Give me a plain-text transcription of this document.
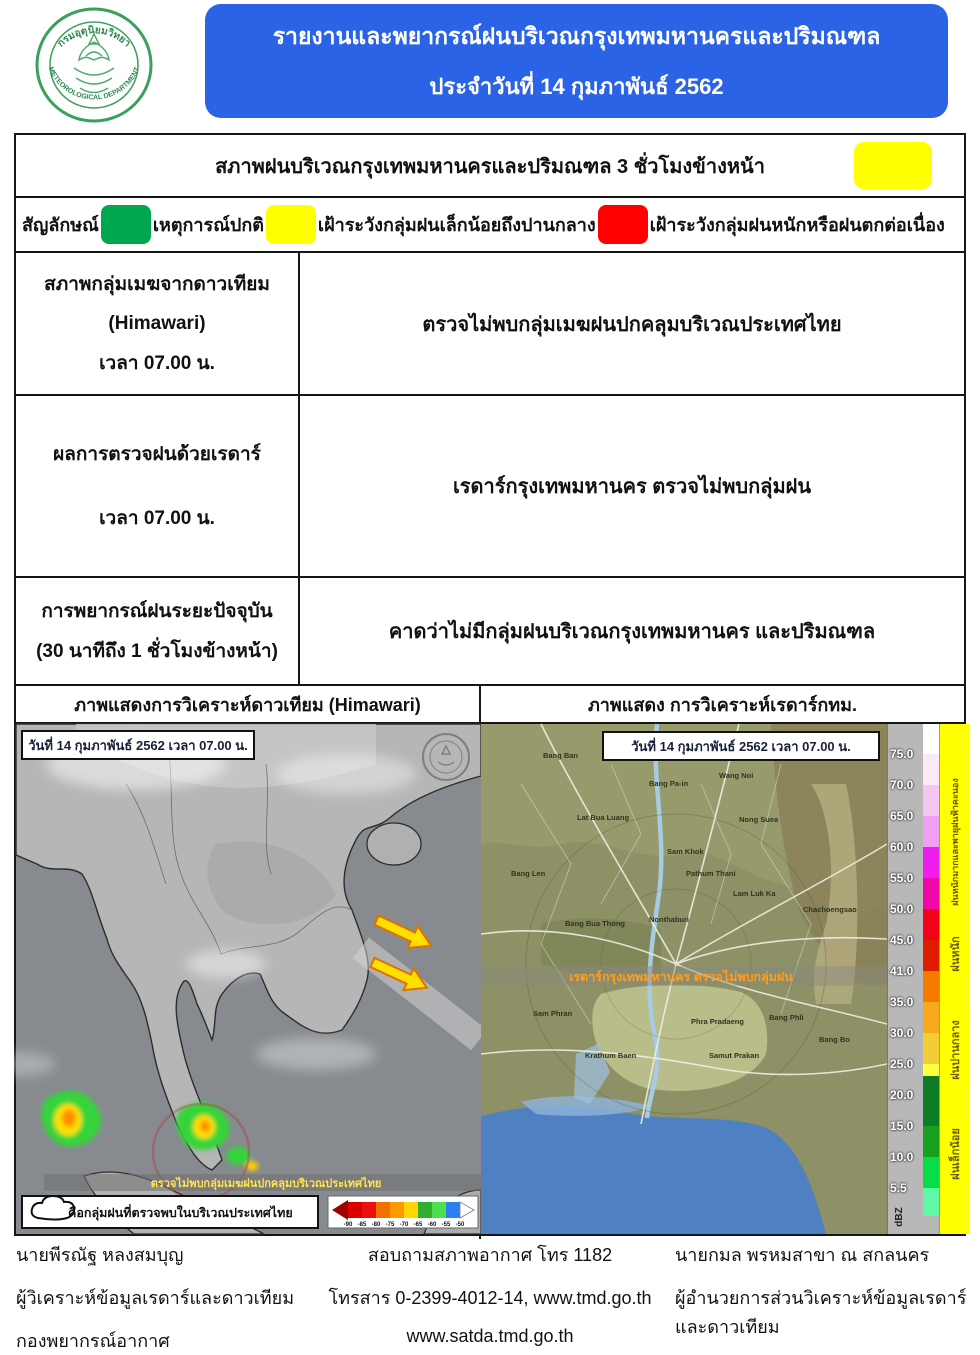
กรมอุตุนิยมวิทยา
METEOROLOGICAL DEPARTMENT
รายงานและพยากรณ์ฝนบริเวณกรุงเทพมหานครและปริมณฑล
ประจำวันที่ 14 กุมภาพันธ์ 2562
สภาพฝนบริเวณกรุงเทพมหานครและปริมณฑล 3 ชั่วโมงข้างหน้า
สัญลักษณ์	เหตุการณ์ปกติ	เฝ้าระวังกลุ่มฝนเล็กน้อยถึงปานกลาง	เฝ้าระวังกลุ่มฝนหนักหรือฝนตกต่อเนื่อง
สภาพกลุ่มเมฆจากดาวเทียม
(Himawari)
เวลา 07.00 น.
ตรวจไม่พบกลุ่มเมฆฝนปกคลุมบริเวณประเทศไทย
ผลการตรวจฝนด้วยเรดาร์
เวลา 07.00 น.
เรดาร์กรุงเทพมหานคร ตรวจไม่พบกลุ่มฝน
การพยากรณ์ฝนระยะปัจจุบัน
(30 นาทีถึง 1 ชั่วโมงข้างหน้า)
คาดว่าไม่มีกลุ่มฝนบริเวณกรุงเทพมหานคร และปริมณฑล
ภาพแสดงการวิเคราะห์ดาวเทียม (Himawari)	ภาพแสดง การวิเคราะห์เรดาร์กทม.
ตรวจไม่พบกลุ่มเมฆฝนปกคลุมบริเวณประเทศไทย
วันที่ 14 กุมภาพันธ์ 2562 เวลา 07.00 น.
คือกลุ่มฝนที่ตรวจพบในบริเวณประเทศไทย
-90 -85 -80 -75 -70 -65 -60 -55 -50
Bang Ban
Bang Pa-in
Wang Noi
Lat Bua Luang	Nong Suea
Sam Khok
Bang Len	Pathum Thani
Lam Luk Ka
Bang Bua Thong	Nonthaburi
Chachoengsao
Sam Phran
Phra Pradaeng	Bang Phli
Bang Bo
Krathum Baen	Samut Prakan
เรดาร์กรุงเทพมหานคร ตรวจไม่พบกลุ่มฝน
วันที่ 14 กุมภาพันธ์ 2562 เวลา 07.00 น.	75.0
70.0
65.0
60.0
55.0
50.0
45.0
41.0
35.0
30.0
25.0
20.0
15.0
10.0
5.5
dBZ
ฝนหนักมากและพายุฝนฟ้าคะนอง
ฝนหนัก
ฝนปานกลาง
ฝนเล็กน้อย
นายพีรณัฐ หลงสมบุญ
ผู้วิเคราะห์ข้อมูลเรดาร์และดาวเทียม
กองพยากรณ์อากาศ
สอบถามสภาพอากาศ โทร 1182
โทรสาร 0-2399-4012-14, www.tmd.go.th
www.satda.tmd.go.th
นายกมล พรหมสาขา ณ สกลนคร
ผู้อำนวยการส่วนวิเคราะห์ข้อมูลเรดาร์และดาวเทียม
